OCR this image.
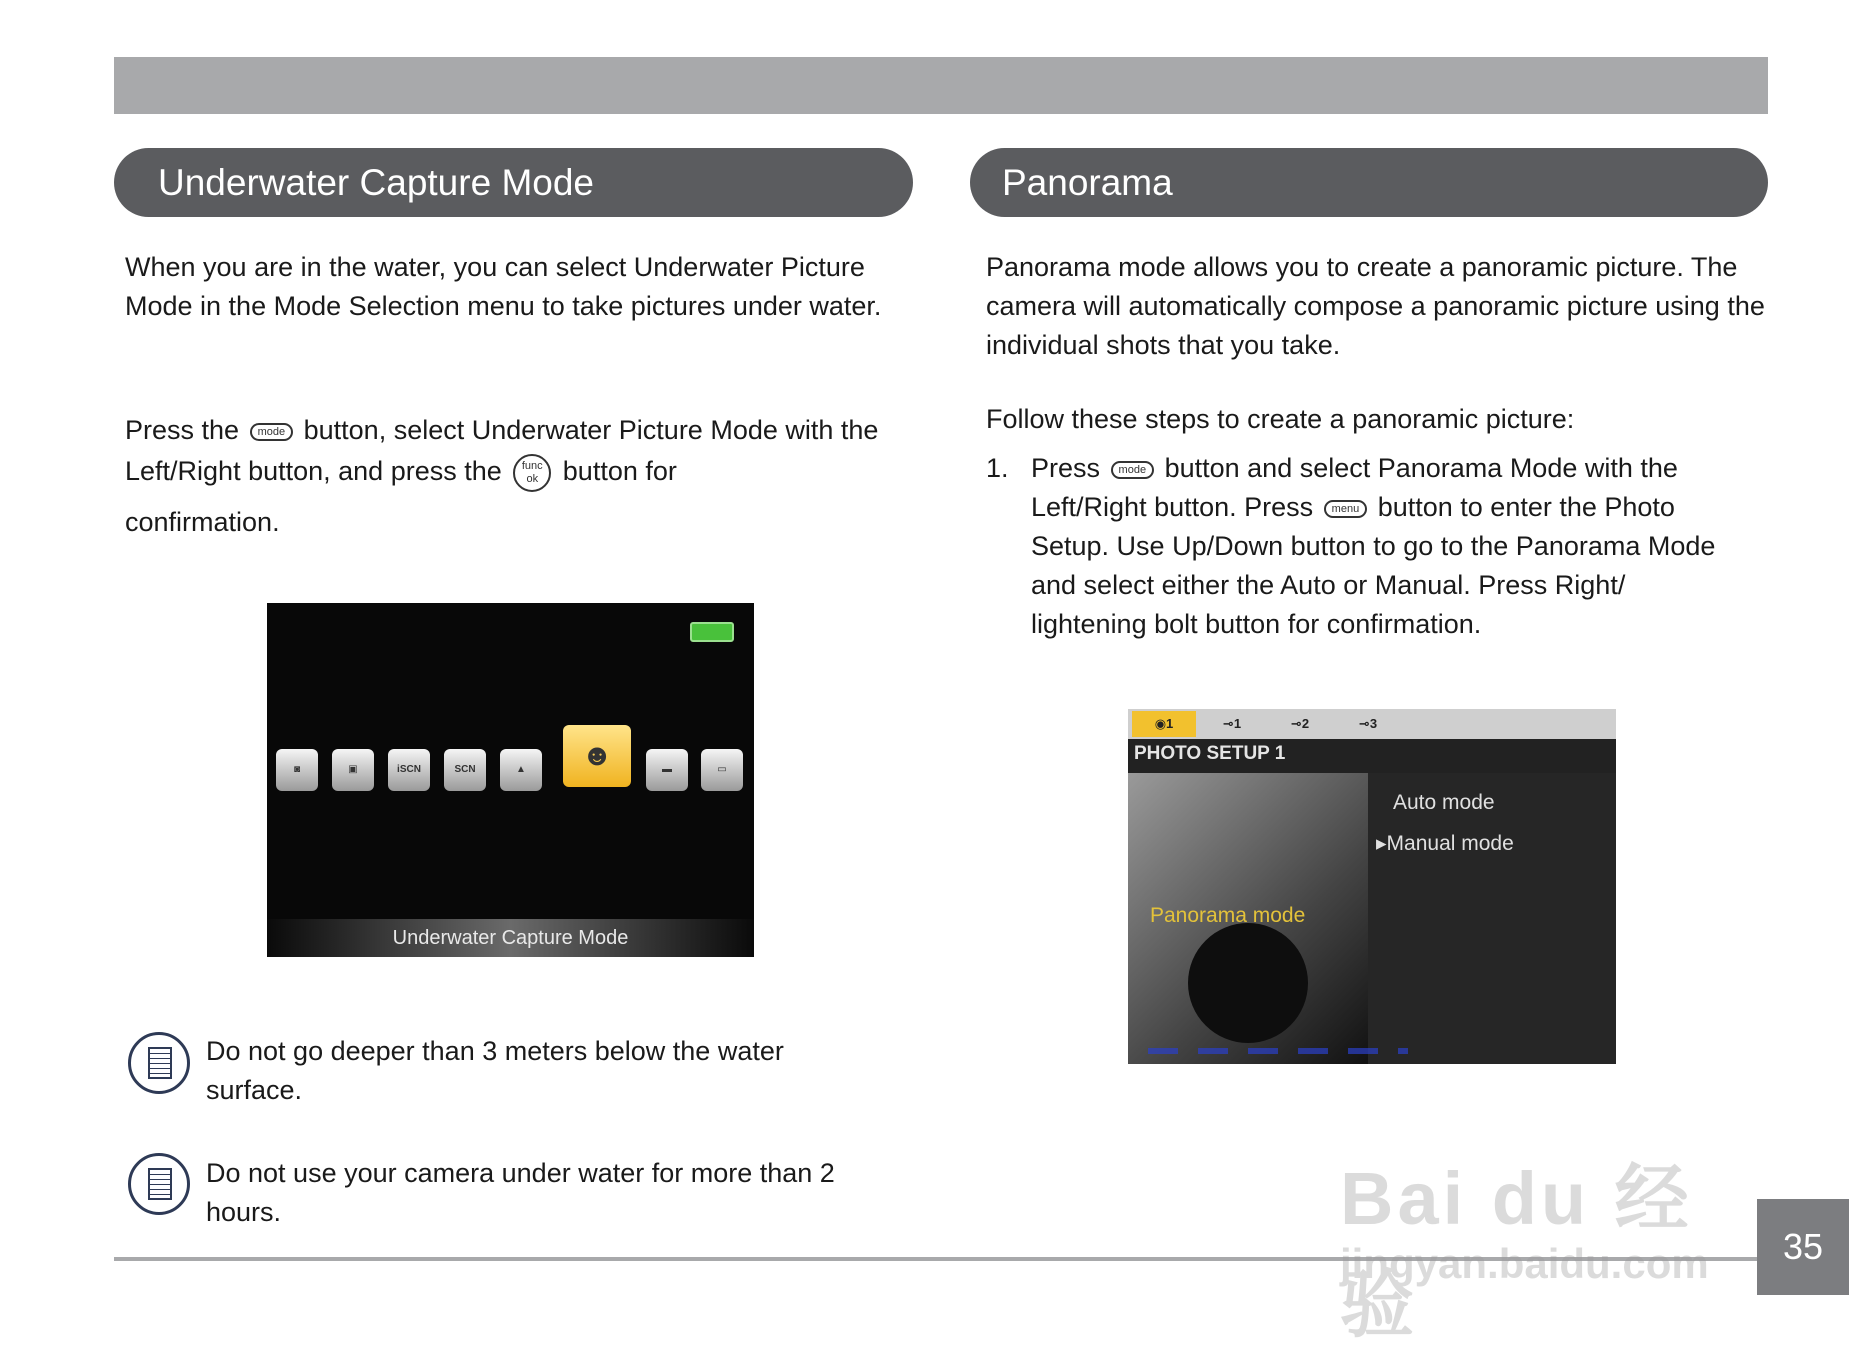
Underwater Capture Mode

When you are in the water, you can select Underwater Picture Mode in the Mode Selection menu to take pictures under water.

Press the mode button, select Underwater Picture Mode with the Left/Right button, and press the func
ok button for

confirmation.

◙	▣	iSCN	SCN	▲	☻	▬	▭
Underwater Capture Mode

Do not go deeper than 3 meters below the water surface.

Do not use your camera under water for more than 2 hours.

Panorama

Panorama mode allows you to create a panoramic picture. The camera will automatically compose a panoramic picture using the individual shots that you take.

Follow these steps to create a panoramic picture:

1. Press mode button and select Panorama Mode with the Left/Right button. Press menu button to enter the Photo Setup. Use Up/Down button to go to the Panorama Mode and select either the Auto or Manual. Press Right/ lightening bolt button for confirmation.
◉1	⊸1	⊸2	⊸3
PHOTO SETUP 1
Auto mode
▸Manual mode
Panorama mode
Bai du 经验
jingyan.baidu.com	35
